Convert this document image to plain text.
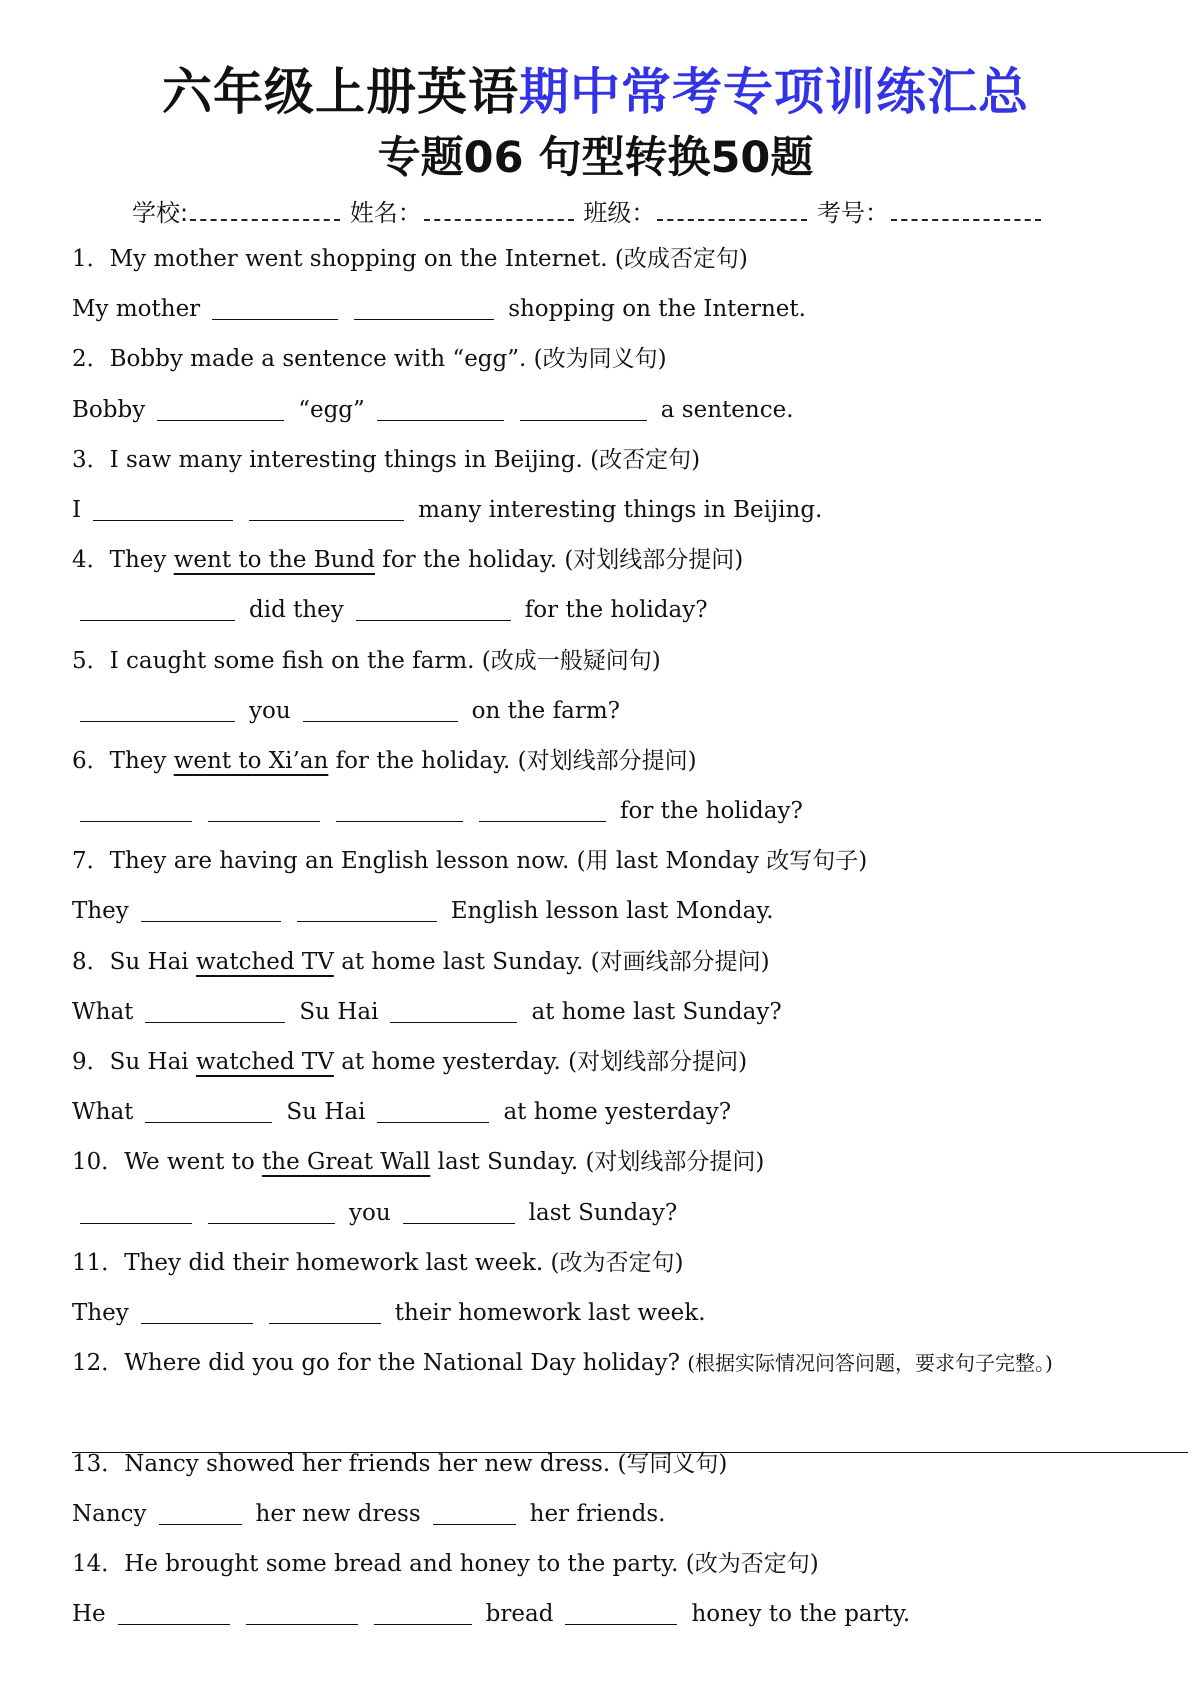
六年级上册英语期中常考专项训练汇总
专题06 句型转换50题
学校:	姓名：	班级：	考号：
1．My mother went shopping on the Internet. (改成否定句)
My mother	shopping on the Internet.
2．Bobby made a sentence with “egg”. (改为同义句)
Bobby	“egg”	a sentence.
3．I saw many interesting things in Beijing. (改否定句)
I	many interesting things in Beijing.
4．They went to the Bund for the holiday. (对划线部分提问)
did they	for the holiday?
5．I caught some fish on the farm. (改成一般疑问句)
you	on the farm?
6．They went to Xi’an for the holiday. (对划线部分提问)
for the holiday?
7．They are having an English lesson now. (用 last Monday 改写句子)
They	English lesson last Monday.
8．Su Hai watched TV at home last Sunday. (对画线部分提问)
What	Su Hai	at home last Sunday?
9．Su Hai watched TV at home yesterday. (对划线部分提问)
What	Su Hai	at home yesterday?
10．We went to the Great Wall last Sunday. (对划线部分提问)
you	last Sunday?
11．They did their homework last week. (改为否定句)
They	their homework last week.
12．Where did you go for the National Day holiday? (根据实际情况问答问题，要求句子完整。)
13．Nancy showed her friends her new dress. (写同义句)
Nancy	her new dress	her friends.
14．He brought some bread and honey to the party. (改为否定句)
He	bread	honey to the party.
